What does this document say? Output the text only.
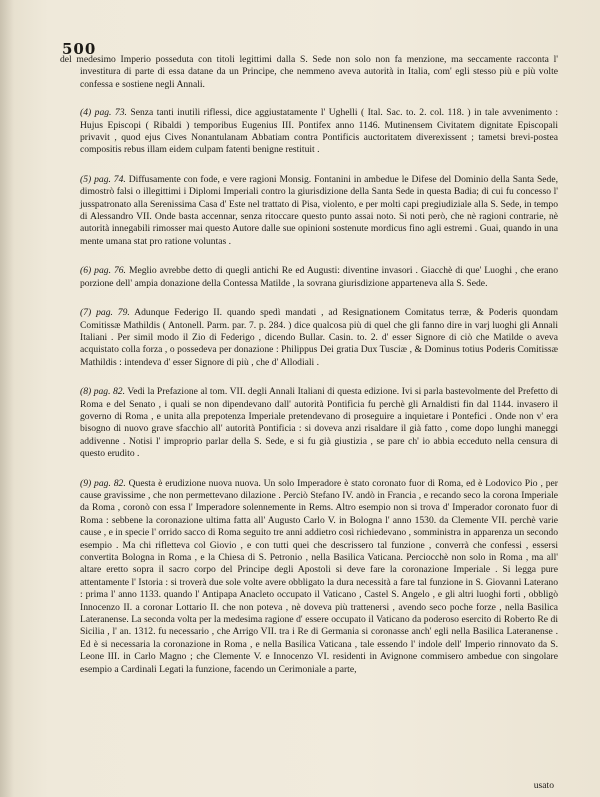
500

del medesimo Imperio posseduta con titoli legittimi dalla S. Sede non solo non fa menzione, ma seccamente racconta l' investitura di parte di essa datane da un Principe, che nemmeno aveva autorità in Italia, com' egli stesso più e più volte confessa e sostiene negli Annali.

(4) pag. 73. Senza tanti inutili riflessi, dice aggiustatamente l' Ughelli ( Ital. Sac. to. 2. col. 118. ) in tale avvenimento : Hujus Episcopi ( Ribaldi ) temporibus Eugenius III. Pontifex anno 1146. Mutinensem Civitatem dignitate Episcopali privavit , quod ejus Cives Nonantulanam Abbatiam contra Pontificis auctoritatem diverexissent ; tametsi brevi-postea compositis rebus illam eidem culpam fatenti benigne restituit .

(5) pag. 74. Diffusamente con fode, e vere ragioni Monsig. Fontanini in ambedue le Difese del Dominio della Santa Sede, dimostrò falsi o illegittimi i Diplomi Imperiali contro la giurisdizione della Santa Sede in questa Badia; di cui fu concesso l' jusspatronato alla Serenissima Casa d' Este nel trattato di Pisa, violento, e per molti capi pregiudiziale alla S. Sede, in tempo di Alessandro VII. Onde basta accennar, senza ritoccare questo punto assai noto. Si noti però, che nè ragioni contrarie, nè autorità innegabili rimosser mai questo Autore dalle sue opinioni sostenute mordicus fino agli estremi . Guai, quando in una mente umana stat pro ratione voluntas .

(6) pag. 76. Meglio avrebbe detto di quegli antichi Re ed Augusti: diventine invasori . Giacchè di que' Luoghi , che erano porzione dell' ampia donazione della Contessa Matilde , la sovrana giurisdizione apparteneva alla S. Sede.

(7) pag. 79. Adunque Federigo II. quando spedì mandati , ad Resignationem Comitatus terræ, & Poderis quondam Comitissæ Mathildis ( Antonell. Parm. par. 7. p. 284. ) dice qualcosa più di quel che gli fanno dire in varj luoghi gli Annali Italiani . Per simil modo il Zio di Federigo , dicendo Bullar. Casin. to. 2. d' esser Signore di ciò che Matilde o aveva acquistato colla forza , o possedeva per donazione : Philippus Dei gratia Dux Tusciæ , & Dominus totius Poderis Comitissæ Mathildis : intendeva d' esser Signore di più , che d' Allodiali .

(8) pag. 82. Vedi la Prefazione al tom. VII. degli Annali Italiani di questa edizione. Ivi si parla bastevolmente del Prefetto di Roma e del Senato , i quali se non dipendevano dall' autorità Pontificia fu perchè gli Arnaldisti fin dal 1144. invasero il governo di Roma , e unita alla prepotenza Imperiale pretendevano di proseguire a inquietare i Pontefici . Onde non v' era bisogno di nuovo grave sfacchio all' autorità Pontificia : si doveva anzi risaldare il già fatto , come dopo lunghi maneggi addivenne . Notisi l' improprio parlar della S. Sede, e si fu già giustizia , se pare ch' io abbia ecceduto nella censura di questo erudito .

(9) pag. 82. Questa è erudizione nuova nuova. Un solo Imperadore è stato coronato fuor di Roma, ed è Lodovico Pio , per cause gravissime , che non permettevano dilazione . Perciò Stefano IV. andò in Francia , e recando seco la corona Imperiale da Roma , coronò con essa l' Imperadore solennemente in Rems. Altro esempio non si trova d' Imperador coronato fuor di Roma : sebbene la coronazione ultima fatta all' Augusto Carlo V. in Bologna l' anno 1530. da Clemente VII. perchè varie cause , e in specie l' orrido sacco di Roma seguito tre anni addietro così richiedevano , somministra in apparenza un secondo esempio . Ma chi rifletteva col Giovio , e con tutti quei che descrissero tal funzione , converrà che confessi , essersi convertita Bologna in Roma , e la Chiesa di S. Petronio , nella Basilica Vaticana. Perciocchè non solo in Roma , ma all' altare eretto sopra il sacro corpo del Principe degli Apostoli si deve fare la coronazione Imperiale . Si legga pure attentamente l' Istoria : si troverà due sole volte avere obbligato la dura necessità a fare tal funzione in S. Giovanni Laterano : prima l' anno 1133. quando l' Antipapa Anacleto occupato il Vaticano , Castel S. Angelo , e gli altri luoghi forti , obbligò Innocenzo II. a coronar Lottario II. che non poteva , nè doveva più trattenersi , avendo seco poche forze , nella Basilica Lateranense. La seconda volta per la medesima ragione d' essere occupato il Vaticano da poderoso esercito di Roberto Re di Sicilia , l' an. 1312. fu necessario , che Arrigo VII. tra i Re di Germania si coronasse anch' egli nella Basilica Lateranense . Ed è si necessaria la coronazione in Roma , e nella Basilica Vaticana , tale essendo l' indole dell' Imperio rinnovato da S. Leone III. in Carlo Magno ; che Clemente V. e Innocenzo VI. residenti in Avignone commisero ambedue con singolare esempio a Cardinali Legati la funzione, facendo un Cerimoniale a parte,

usato
